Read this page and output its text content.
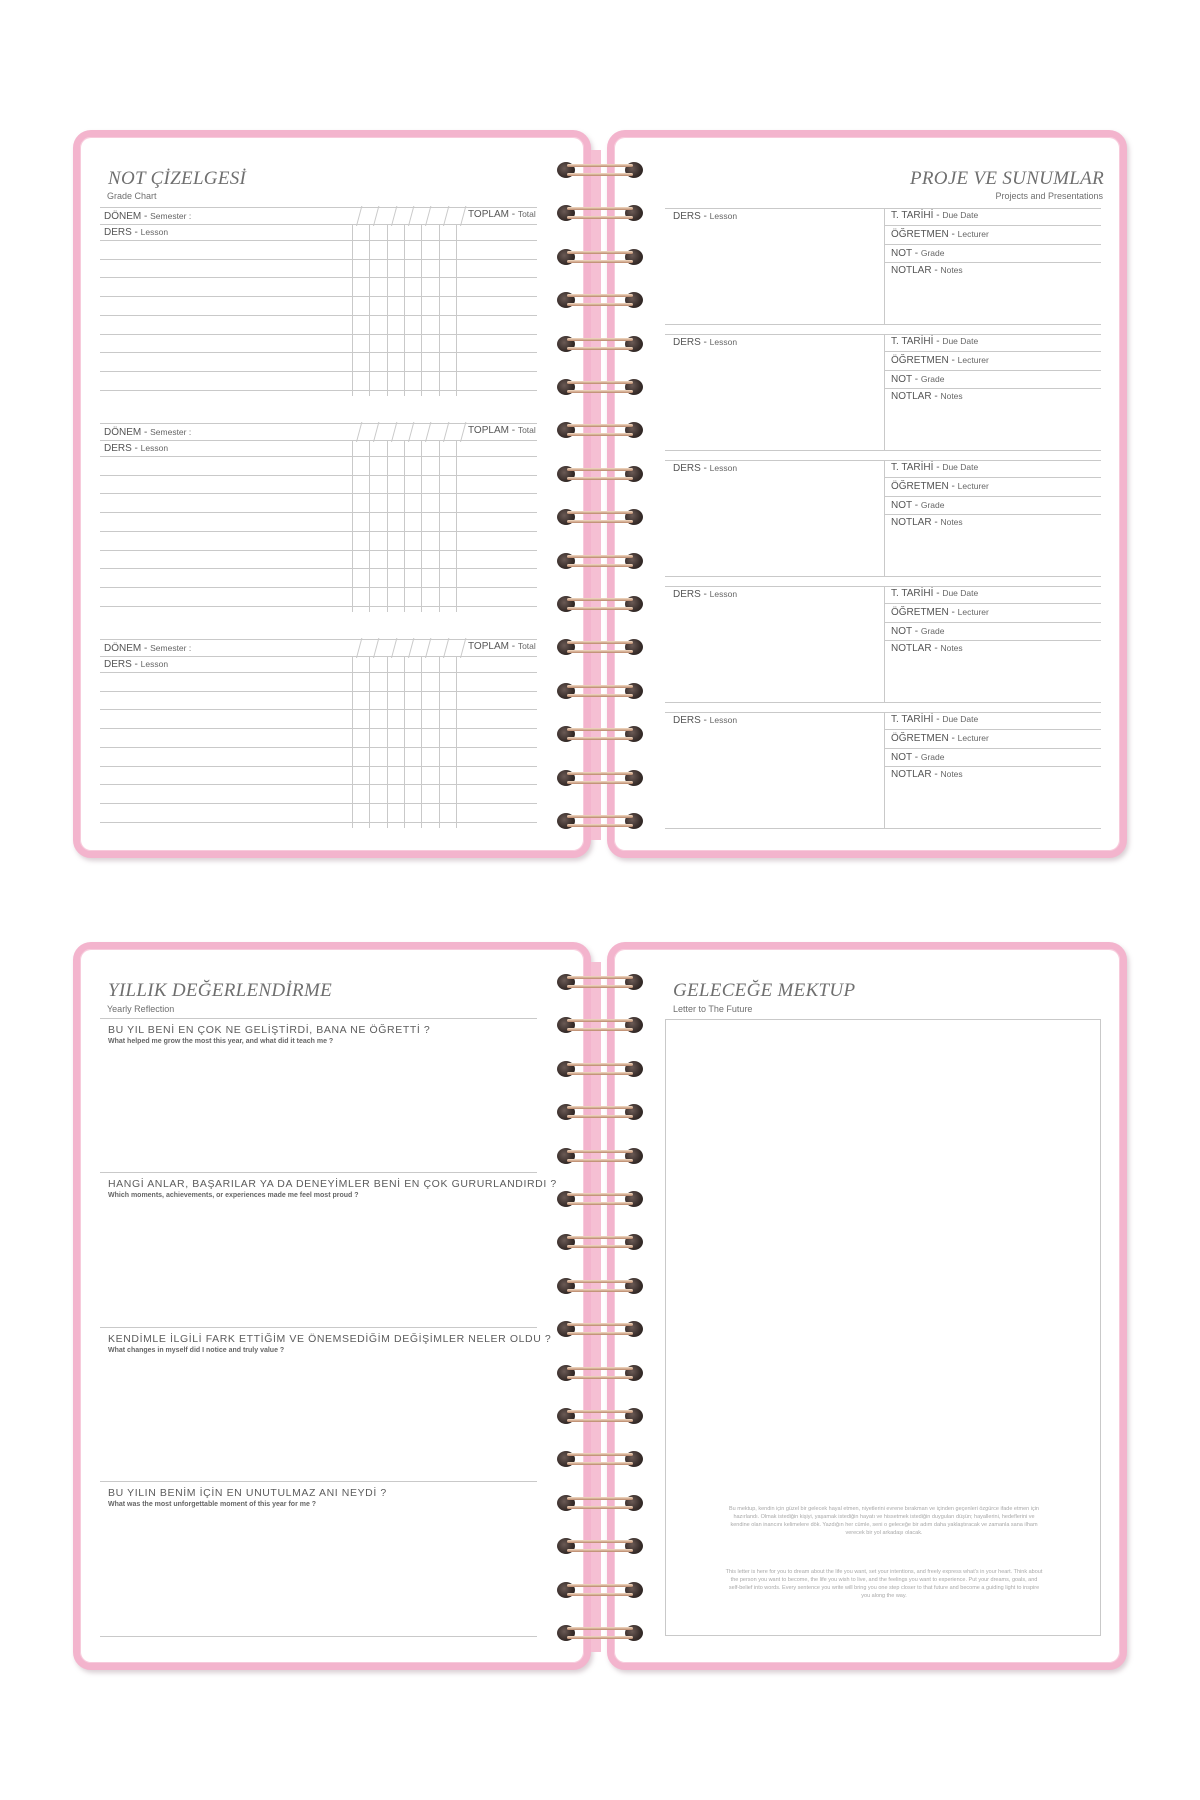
NOT ÇİZELGESİ
Grade Chart
DÖNEM - Semester :	TOPLAM - Total
DERS - Lesson
DÖNEM - Semester :	TOPLAM - Total
DERS - Lesson
DÖNEM - Semester :	TOPLAM - Total
DERS - Lesson
PROJE VE SUNUMLAR
Projects and Presentations
DERS - Lesson	T. TARİHİ - Due Date
ÖĞRETMEN - Lecturer
NOT - Grade
NOTLAR - Notes
DERS - Lesson	T. TARİHİ - Due Date
ÖĞRETMEN - Lecturer
NOT - Grade
NOTLAR - Notes
DERS - Lesson	T. TARİHİ - Due Date
ÖĞRETMEN - Lecturer
NOT - Grade
NOTLAR - Notes
DERS - Lesson	T. TARİHİ - Due Date
ÖĞRETMEN - Lecturer
NOT - Grade
NOTLAR - Notes
DERS - Lesson	T. TARİHİ - Due Date
ÖĞRETMEN - Lecturer
NOT - Grade
NOTLAR - Notes
YILLIK DEĞERLENDİRME
Yearly Reflection
BU YIL BENİ EN ÇOK NE GELİŞTİRDİ, BANA NE ÖĞRETTİ ?
What helped me grow the most this year, and what did it teach me ?
HANGİ ANLAR, BAŞARILAR YA DA DENEYİMLER BENİ EN ÇOK GURURLANDIRDI ?
Which moments, achievements, or experiences made me feel most proud ?
KENDİMLE İLGİLİ FARK ETTİĞİM VE ÖNEMSEDİĞİM DEĞİŞİMLER NELER OLDU ?
What changes in myself did I notice and truly value ?
BU YILIN BENİM İÇİN EN UNUTULMAZ ANI NEYDİ ?
What was the most unforgettable moment of this year for me ?
GELECEĞE MEKTUP
Letter to The Future
Bu mektup, kendin için güzel bir gelecek hayal etmen, niyetlerini evrene bırakman ve içinden geçenleri özgürce ifade etmen için hazırlandı. Olmak istediğin kişiyi, yaşamak istediğin hayatı ve hissetmek istediğin duyguları düşün; hayallerini, hedeflerini ve kendine olan inancını kelimelere dök. Yazdığın her cümle, seni o geleceğe bir adım daha yaklaştıracak ve zamanla sana ilham verecek bir yol arkadaşı olacak.
This letter is here for you to dream about the life you want, set your intentions, and freely express what's in your heart. Think about the person you want to become, the life you wish to live, and the feelings you want to experience. Put your dreams, goals, and self-belief into words. Every sentence you write will bring you one step closer to that future and become a guiding light to inspire you along the way.
